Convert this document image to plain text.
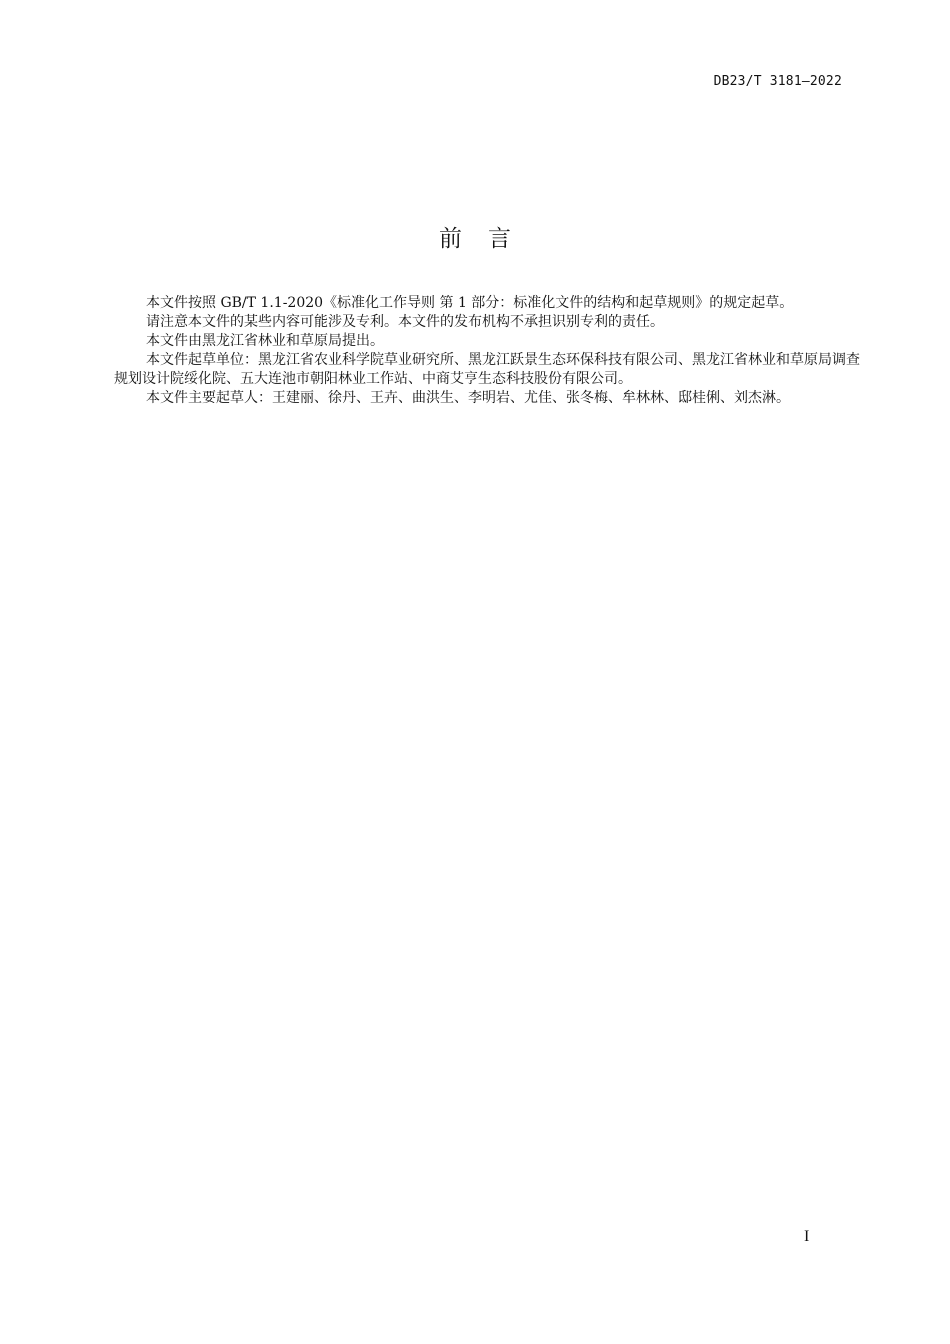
DB23/T 3181—2022
前言

本文件按照 GB/T 1.1-2020《标准化工作导则 第 1 部分：标准化文件的结构和起草规则》的规定起草。

请注意本文件的某些内容可能涉及专利。本文件的发布机构不承担识别专利的责任。

本文件由黑龙江省林业和草原局提出。

本文件起草单位：黑龙江省农业科学院草业研究所、黑龙江跃景生态环保科技有限公司、黑龙江省林业和草原局调查规划设计院绥化院、五大连池市朝阳林业工作站、中商艾亨生态科技股份有限公司。

本文件主要起草人：王建丽、徐丹、王卉、曲洪生、李明岩、尤佳、张冬梅、牟林林、邸桂俐、刘杰淋。

I
